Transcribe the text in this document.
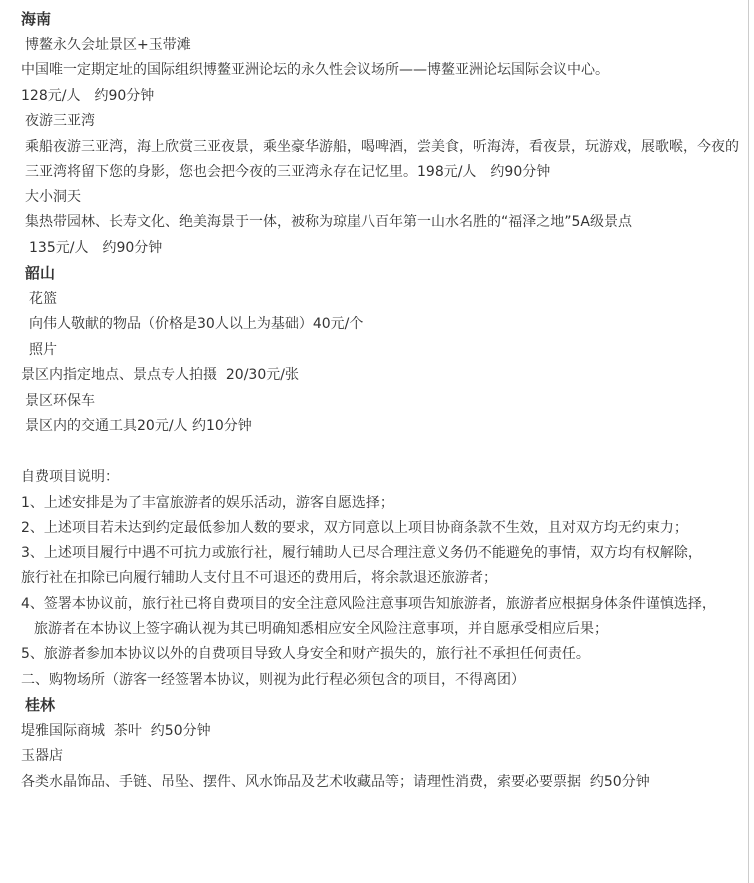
海南
博鳌永久会址景区+玉带滩
中国唯一定期定址的国际组织博鳌亚洲论坛的永久性会议场所——博鳌亚洲论坛国际会议中心。
128元/人　约90分钟
夜游三亚湾
乘船夜游三亚湾，海上欣赏三亚夜景，乘坐豪华游船，喝啤酒，尝美食，听海涛，看夜景，玩游戏，展歌喉，今夜的三亚湾将留下您的身影，您也会把今夜的三亚湾永存在记忆里。198元/人　约90分钟
大小洞天
集热带园林、长寿文化、绝美海景于一体，被称为琼崖八百年第一山水名胜的“福泽之地”5A级景点
135元/人　约90分钟
韶山
花篮
向伟人敬献的物品（价格是30人以上为基础）40元/个
照片
景区内指定地点、景点专人拍摄  20/30元/张
景区环保车
景区内的交通工具20元/人 约10分钟
自费项目说明：
1、上述安排是为了丰富旅游者的娱乐活动，游客自愿选择；
2、上述项目若未达到约定最低参加人数的要求，双方同意以上项目协商条款不生效，且对双方均无约束力；
3、上述项目履行中遇不可抗力或旅行社，履行辅助人已尽合理注意义务仍不能避免的事情，双方均有权解除，
旅行社在扣除已向履行辅助人支付且不可退还的费用后，将余款退还旅游者；
4、签署本协议前，旅行社已将自费项目的安全注意风险注意事项告知旅游者，旅游者应根据身体条件谨慎选择，
旅游者在本协议上签字确认视为其已明确知悉相应安全风险注意事项，并自愿承受相应后果；
5、旅游者参加本协议以外的自费项目导致人身安全和财产损失的，旅行社不承担任何责任。
二、购物场所（游客一经签署本协议，则视为此行程必须包含的项目，不得离团）
桂林
堤雅国际商城  茶叶  约50分钟
玉器店
各类水晶饰品、手链、吊坠、摆件、风水饰品及艺术收藏品等；请理性消费，索要必要票据  约50分钟
